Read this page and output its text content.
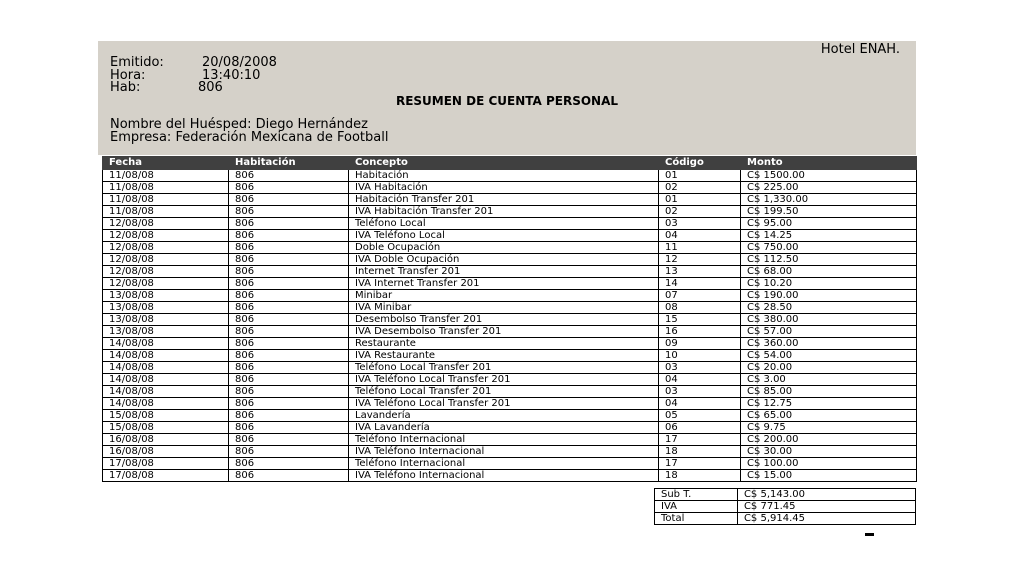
Hotel ENAH.
Emitido:	20/08/2008
Hora:	13:40:10
Hab:	806
RESUMEN DE CUENTA PERSONAL
Nombre del Huésped: Diego Hernández
Empresa: Federación Mexicana de Football
Fecha	Habitación	Concepto	Código	Monto
11/08/08	806	Habitación	01	C$ 1500.00
11/08/08	806	IVA Habitación	02	C$ 225.00
11/08/08	806	Habitación Transfer 201	01	C$ 1,330.00
11/08/08	806	IVA Habitación Transfer 201	02	C$ 199.50
12/08/08	806	Teléfono Local	03	C$ 95.00
12/08/08	806	IVA Teléfono Local	04	C$ 14.25
12/08/08	806	Doble Ocupación	11	C$ 750.00
12/08/08	806	IVA Doble Ocupación	12	C$ 112.50
12/08/08	806	Internet Transfer 201	13	C$ 68.00
12/08/08	806	IVA Internet Transfer 201	14	C$ 10.20
13/08/08	806	Minibar	07	C$ 190.00
13/08/08	806	IVA Minibar	08	C$ 28.50
13/08/08	806	Desembolso Transfer 201	15	C$ 380.00
13/08/08	806	IVA Desembolso Transfer 201	16	C$ 57.00
14/08/08	806	Restaurante	09	C$ 360.00
14/08/08	806	IVA Restaurante	10	C$ 54.00
14/08/08	806	Teléfono Local Transfer 201	03	C$ 20.00
14/08/08	806	IVA Teléfono Local Transfer 201	04	C$ 3.00
14/08/08	806	Teléfono Local Transfer 201	03	C$ 85.00
14/08/08	806	IVA Teléfono Local Transfer 201	04	C$ 12.75
15/08/08	806	Lavandería	05	C$ 65.00
15/08/08	806	IVA Lavandería	06	C$ 9.75
16/08/08	806	Teléfono Internacional	17	C$ 200.00
16/08/08	806	IVA Teléfono Internacional	18	C$ 30.00
17/08/08	806	Teléfono Internacional	17	C$ 100.00
17/08/08	806	IVA Teléfono Internacional	18	C$ 15.00
Sub T.	C$ 5,143.00
IVA	C$ 771.45
Total	C$ 5,914.45
